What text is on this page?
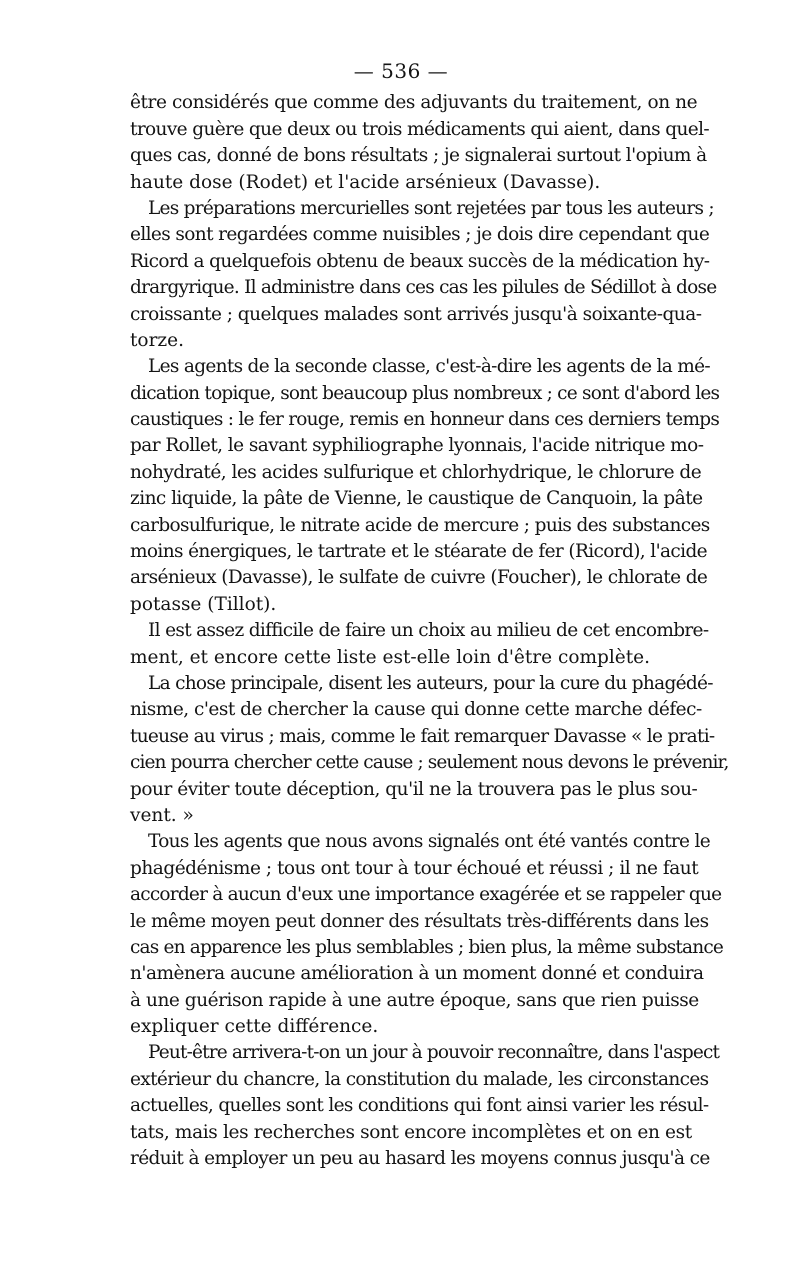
— 536 —
être considérés que comme des adjuvants du traitement, on ne
trouve guère que deux ou trois médicaments qui aient, dans quel-
ques cas, donné de bons résultats ; je signalerai surtout l'opium à
haute dose (Rodet) et l'acide arsénieux (Davasse).
Les préparations mercurielles sont rejetées par tous les auteurs ;
elles sont regardées comme nuisibles ; je dois dire cependant que
Ricord a quelquefois obtenu de beaux succès de la médication hy-
drargyrique. Il administre dans ces cas les pilules de Sédillot à dose
croissante ; quelques malades sont arrivés jusqu'à soixante-qua-
torze.
Les agents de la seconde classe, c'est-à-dire les agents de la mé-
dication topique, sont beaucoup plus nombreux ; ce sont d'abord les
caustiques : le fer rouge, remis en honneur dans ces derniers temps
par Rollet, le savant syphiliographe lyonnais, l'acide nitrique mo-
nohydraté, les acides sulfurique et chlorhydrique, le chlorure de
zinc liquide, la pâte de Vienne, le caustique de Canquoin, la pâte
carbosulfurique, le nitrate acide de mercure ; puis des substances
moins énergiques, le tartrate et le stéarate de fer (Ricord), l'acide
arsénieux (Davasse), le sulfate de cuivre (Foucher), le chlorate de
potasse (Tillot).
Il est assez difficile de faire un choix au milieu de cet encombre-
ment, et encore cette liste est-elle loin d'être complète.
La chose principale, disent les auteurs, pour la cure du phagédé-
nisme, c'est de chercher la cause qui donne cette marche défec-
tueuse au virus ; mais, comme le fait remarquer Davasse « le prati-
cien pourra chercher cette cause ; seulement nous devons le prévenir,
pour éviter toute déception, qu'il ne la trouvera pas le plus sou-
vent. »
Tous les agents que nous avons signalés ont été vantés contre le
phagédénisme ; tous ont tour à tour échoué et réussi ; il ne faut
accorder à aucun d'eux une importance exagérée et se rappeler que
le même moyen peut donner des résultats très-différents dans les
cas en apparence les plus semblables ; bien plus, la même substance
n'amènera aucune amélioration à un moment donné et conduira
à une guérison rapide à une autre époque, sans que rien puisse
expliquer cette différence.
Peut-être arrivera-t-on un jour à pouvoir reconnaître, dans l'aspect
extérieur du chancre, la constitution du malade, les circonstances
actuelles, quelles sont les conditions qui font ainsi varier les résul-
tats, mais les recherches sont encore incomplètes et on en est
réduit à employer un peu au hasard les moyens connus jusqu'à ce
